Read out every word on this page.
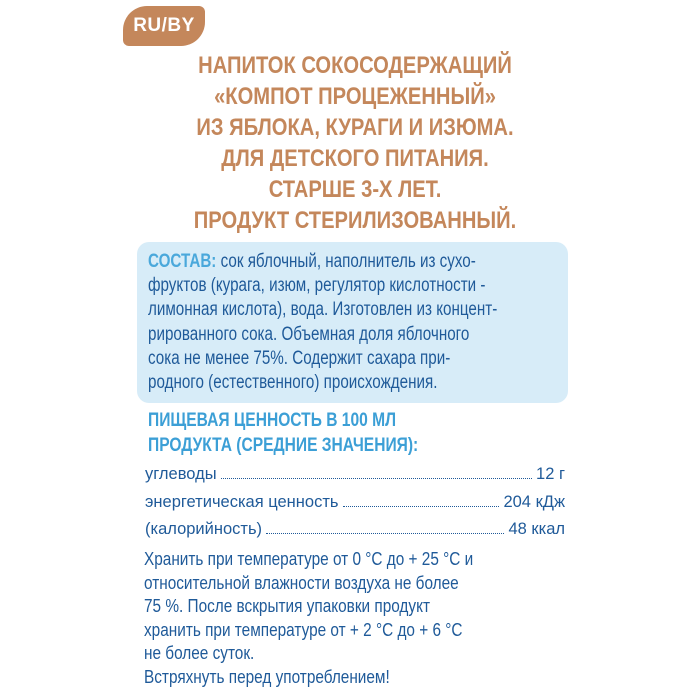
RU/BY
НАПИТОК СОКОСОДЕРЖАЩИЙ
«КОМПОТ ПРОЦЕЖЕННЫЙ»
ИЗ ЯБЛОКА, КУРАГИ И ИЗЮМА.
ДЛЯ ДЕТСКОГО ПИТАНИЯ.
СТАРШЕ 3-Х ЛЕТ.
ПРОДУКТ СТЕРИЛИЗОВАННЫЙ.
СОСТАВ: сок яблочный, наполнитель из сухо-
фруктов (курага, изюм, регулятор кислотности -
лимонная кислота), вода. Изготовлен из концент-
рированного сока. Объемная доля яблочного
сока не менее 75%. Содержит сахара при-
родного (естественного) происхождения.
ПИЩЕВАЯ ЦЕННОСТЬ В 100 МЛ
ПРОДУКТА (СРЕДНИЕ ЗНАЧЕНИЯ):
углеводы	12 г
энергетическая ценность	204 кДж
(калорийность)	48 ккал
Хранить при температуре от 0 °С до + 25 °С и
относительной влажности воздуха не более
75 %. После вскрытия упаковки продукт
хранить при температуре от + 2 °С до + 6 °С
не более суток.
Встряхнуть перед употреблением!
